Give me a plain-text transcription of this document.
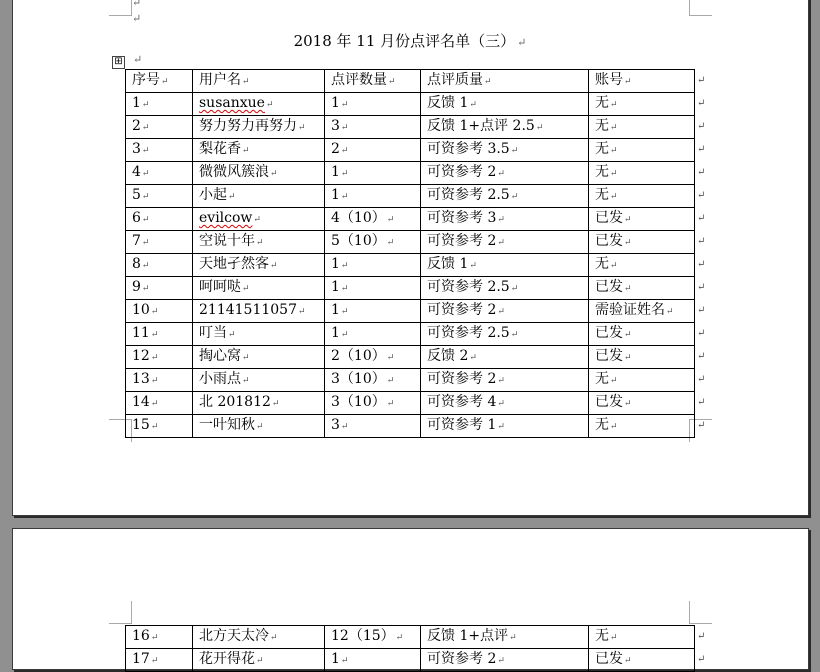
↵
↵
2018 年 11 月份点评名单（三） ↵
⊞ ↵
序号↵	用户名↵	点评数量↵	点评质量↵	账号↵
1↵	susanxue↵	1↵	反馈 1↵	无↵
2↵	努力努力再努力↵	3↵	反馈 1+点评 2.5↵	无↵
3↵	梨花香↵	2↵	可资参考 3.5↵	无↵
4↵	微微风簇浪↵	1↵	可资参考 2↵	无↵
5↵	小起↵	1↵	可资参考 2.5↵	无↵
6↵	evilcow↵	4（10）↵	可资参考 3↵	已发↵
7↵	空说十年↵	5（10）↵	可资参考 2↵	已发↵
8↵	天地孑然客↵	1↵	反馈 1↵	无↵
9↵	呵呵哒↵	1↵	可资参考 2.5↵	已发↵
10↵	21141511057↵	1↵	可资参考 2↵	需验证姓名↵
11↵	叮当↵	1↵	可资参考 2.5↵	已发↵
12↵	掏心窝↵	2（10）↵	反馈 2↵	已发↵
13↵	小雨点↵	3（10）↵	可资参考 2↵	无↵
14↵	北 201812↵	3（10）↵	可资参考 4↵	已发↵
15↵	一叶知秋↵	3↵	可资参考 1↵	无↵
16↵	北方天太冷↵	12（15）↵	反馈 1+点评↵	无↵
17↵	花开得花↵	1↵	可资参考 2↵	已发↵
↵
↵
↵
↵
↵
↵
↵
↵
↵
↵
↵
↵
↵
↵
↵
↵
↵
↵
